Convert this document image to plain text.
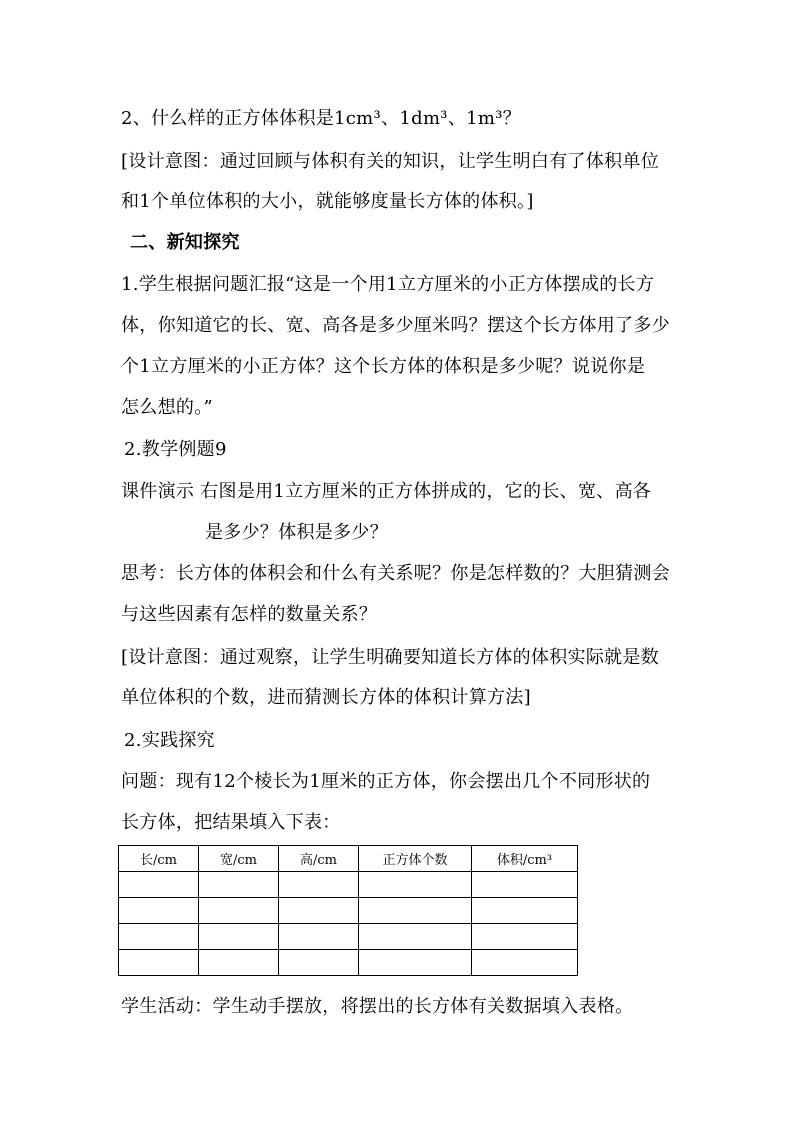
2、什么样的正方体体积是1cm³、1dm³、1m³？
[设计意图：通过回顾与体积有关的知识，让学生明白有了体积单位
和1个单位体积的大小，就能够度量长方体的体积。]
二、新知探究
1.学生根据问题汇报“这是一个用1立方厘米的小正方体摆成的长方
体，你知道它的长、宽、高各是多少厘米吗？摆这个长方体用了多少
个1立方厘米的小正方体？这个长方体的体积是多少呢？说说你是
怎么想的。”
2.教学例题9
课件演示 右图是用1立方厘米的正方体拼成的，它的长、宽、高各
是多少？体积是多少？
思考：长方体的体积会和什么有关系呢？你是怎样数的？大胆猜测会
与这些因素有怎样的数量关系？
[设计意图：通过观察，让学生明确要知道长方体的体积实际就是数
单位体积的个数，进而猜测长方体的体积计算方法]
2.实践探究
问题：现有12个棱长为1厘米的正方体，你会摆出几个不同形状的
长方体，把结果填入下表：
长/cm	宽/cm	高/cm	正方体个数	体积/cm³

学生活动：学生动手摆放，将摆出的长方体有关数据填入表格。
